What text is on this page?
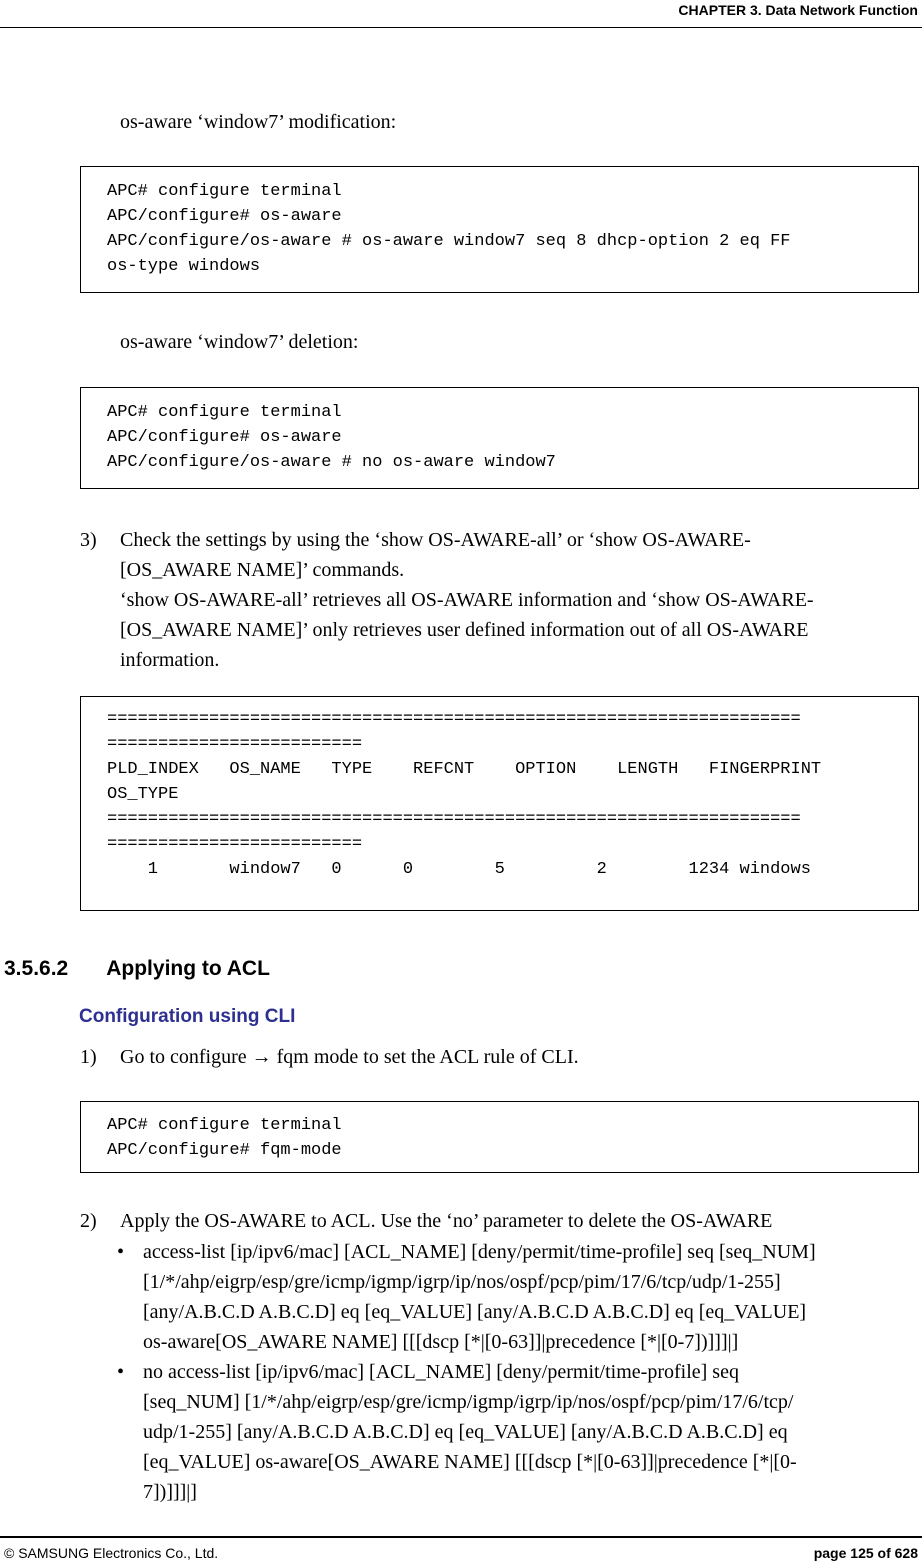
CHAPTER 3. Data Network Function
os-aware ‘window7’ modification:
APC# configure terminal
APC/configure# os-aware
APC/configure/os-aware # os-aware window7 seq 8 dhcp-option 2 eq FF
os-type windows
os-aware ‘window7’ deletion:
APC# configure terminal
APC/configure# os-aware
APC/configure/os-aware # no os-aware window7
3) Check the settings by using the ‘show OS-AWARE-all’ or ‘show OS-AWARE-
[OS_AWARE NAME]’ commands.
‘show OS-AWARE-all’ retrieves all OS-AWARE information and ‘show OS-AWARE-
[OS_AWARE NAME]’ only retrieves user defined information out of all OS-AWARE
information.
====================================================================
=========================
PLD_INDEX   OS_NAME   TYPE    REFCNT    OPTION    LENGTH   FINGERPRINT
OS_TYPE
====================================================================
=========================
1       window7   0      0        5         2        1234 windows
3.5.6.2 Applying to ACL
Configuration using CLI
1) Go to configure → fqm mode to set the ACL rule of CLI.
APC# configure terminal
APC/configure# fqm-mode
2) Apply the OS-AWARE to ACL. Use the ‘no’ parameter to delete the OS-AWARE
• access-list [ip/ipv6/mac] [ACL_NAME] [deny/permit/time-profile] seq [seq_NUM]
[1/*/ahp/eigrp/esp/gre/icmp/igmp/igrp/ip/nos/ospf/pcp/pim/17/6/tcp/udp/1-255]
[any/A.B.C.D A.B.C.D] eq [eq_VALUE] [any/A.B.C.D A.B.C.D] eq [eq_VALUE]
os-aware[OS_AWARE NAME] [[[dscp [*|[0-63]]|precedence [*|[0-7])]]]|]
• no access-list [ip/ipv6/mac] [ACL_NAME] [deny/permit/time-profile] seq
[seq_NUM] [1/*/ahp/eigrp/esp/gre/icmp/igmp/igrp/ip/nos/ospf/pcp/pim/17/6/tcp/
udp/1-255] [any/A.B.C.D A.B.C.D] eq [eq_VALUE] [any/A.B.C.D A.B.C.D] eq
[eq_VALUE] os-aware[OS_AWARE NAME] [[[dscp [*|[0-63]]|precedence [*|[0-
7])]]]|]
© SAMSUNG Electronics Co., Ltd.	page 125 of 628
